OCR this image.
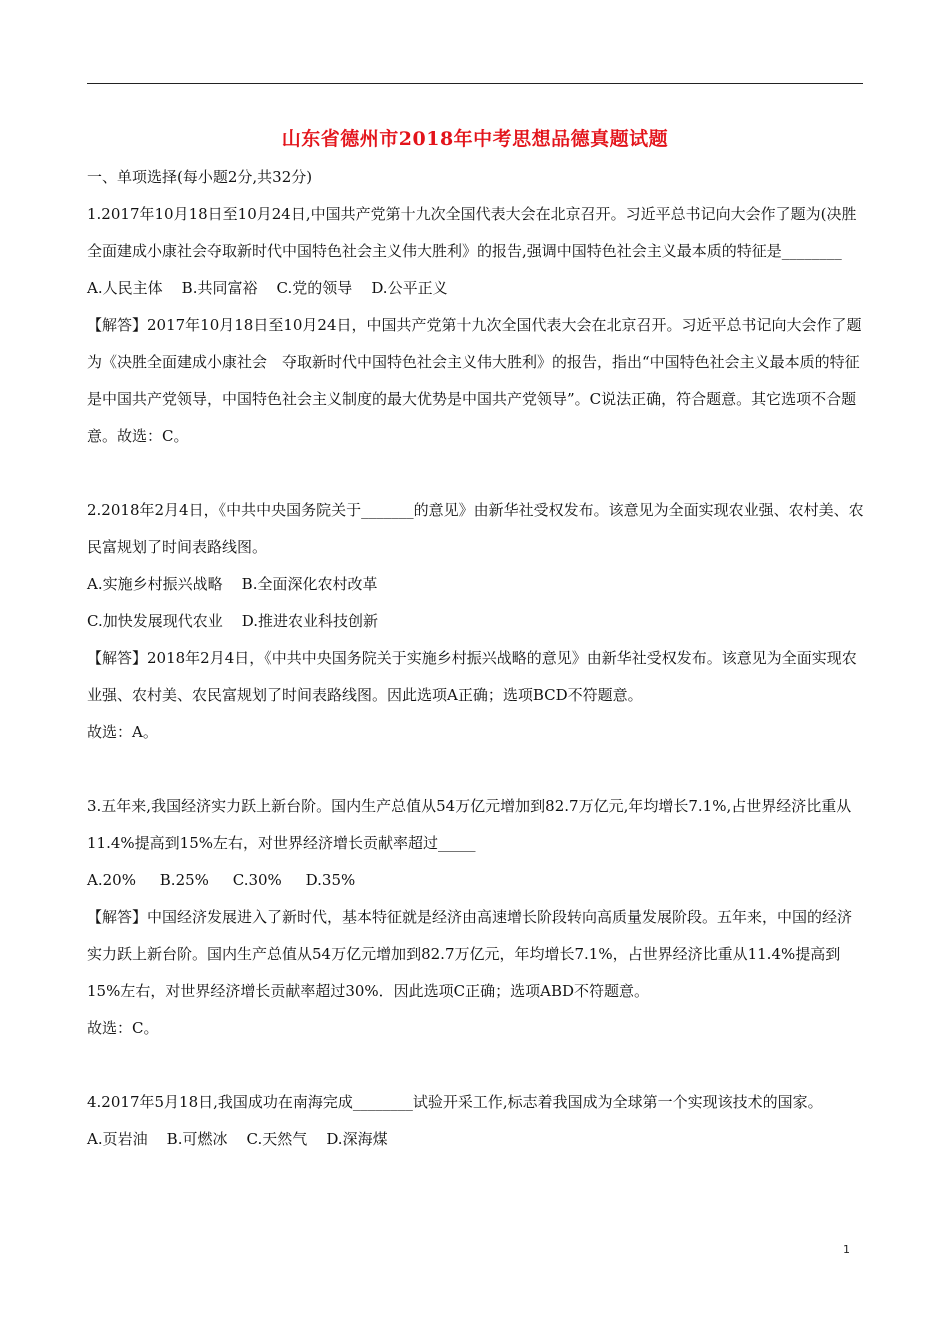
山东省德州市2018年中考思想品德真题试题

一、单项选择(每小题2分,共32分)

1.2017年10月18日至10月24日,中国共产党第十九次全国代表大会在北京召开。习近平总书记向大会作了题为(决胜全面建成小康社会夺取新时代中国特色社会主义伟大胜利》的报告,强调中国特色社会主义最本质的特征是________

A.人民主体    B.共同富裕    C.党的领导    D.公平正义

【解答】2017年10月18日至10月24日，中国共产党第十九次全国代表大会在北京召开。习近平总书记向大会作了题为《决胜全面建成小康社会　夺取新时代中国特色社会主义伟大胜利》的报告，指出“中国特色社会主义最本质的特征是中国共产党领导，中国特色社会主义制度的最大优势是中国共产党领导”。C说法正确，符合题意。其它选项不合题意。故选：C。

2.2018年2月4日，《中共中央国务院关于_______的意见》由新华社受权发布。该意见为全面实现农业强、农村美、农民富规划了时间表路线图。

A.实施乡村振兴战略    B.全面深化农村改革

C.加快发展现代农业    D.推进农业科技创新

【解答】2018年2月4日，《中共中央国务院关于实施乡村振兴战略的意见》由新华社受权发布。该意见为全面实现农业强、农村美、农民富规划了时间表路线图。因此选项A正确；选项BCD不符题意。

故选：A。

3.五年来,我国经济实力跃上新台阶。国内生产总值从54万亿元增加到82.7万亿元,年均增长7.1%,占世界经济比重从11.4%提高到15%左右，对世界经济增长贡献率超过_____

A.20%     B.25%     C.30%     D.35%

【解答】中国经济发展进入了新时代，基本特征就是经济由高速增长阶段转向高质量发展阶段。五年来，中国的经济实力跃上新台阶。国内生产总值从54万亿元增加到82.7万亿元，年均增长7.1%，占世界经济比重从11.4%提高到15%左右，对世界经济增长贡献率超过30%．因此选项C正确；选项ABD不符题意。

故选：C。

4.2017年5月18日,我国成功在南海完成________试验开采工作,标志着我国成为全球第一个实现该技术的国家。

A.页岩油    B.可燃冰    C.天然气    D.深海煤

1
